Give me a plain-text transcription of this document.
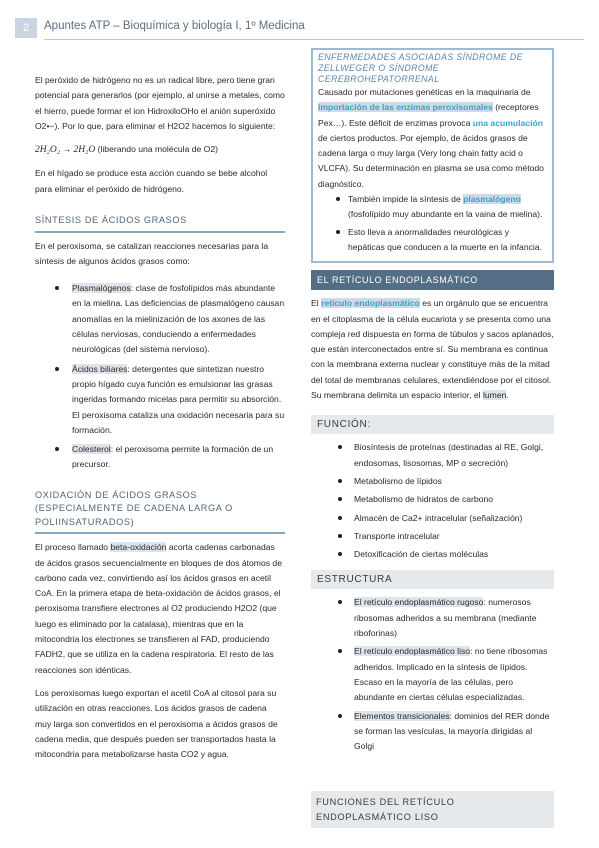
2	Apuntes ATP – Bioquímica y biología I, 1º Medicina

El peróxido de hidrógeno no es un radical libre, pero tiene gran potencial para generarlos (por ejemplo, al unirse a metales, como el hierro, puede formar el ion HidroxiloOHo el anión superóxido O2•−). Por lo que, para eliminar el H2O2 hacemos lo siguiente:

2H₂O₂ → 2H₂O (liberando una molécula de O2)

En el hígado se produce esta acción cuando se bebe alcohol para eliminar el peróxido de hidrógeno.

SÍNTESIS DE ÁCIDOS GRASOS

En el peroxisoma, se catalizan reacciones necesarias para la síntesis de algunos ácidos grasos como:

Plasmalógenos: clase de fosfolípidos más abundante en la mielina. Las deficiencias de plasmalógeno causan anomalías en la mielinización de los axones de las células nerviosas, conduciendo a enfermedades neurológicas (del sistema nervioso).
Ácidos biliares: detergentes que sintetizan nuestro propio hígado cuya función es emulsionar las grasas ingeridas formando micelas para permitir su absorción. El peroxisoma cataliza una oxidación necesaria para su formación.
Colesterol: el peroxisoma permite la formación de un precursor.
OXIDACIÓN DE ÁCIDOS GRASOS (ESPECIALMENTE DE CADENA LARGA O POLIINSATURADOS)

El proceso llamado beta-oxidación acorta cadenas carbonadas de ácidos grasos secuencialmente en bloques de dos átomos de carbono cada vez, convirtiendo así los ácidos grasos en acetil CoA. En la primera etapa de beta-oxidación de ácidos grasos, el peroxisoma transfiere electrones al O2 produciendo H2O2 (que luego es eliminado por la catalasa), mientras que en la mitocondria los electrones se transfieren al FAD, produciendo FADH2, que se utiliza en la cadena respiratoria. El resto de las reacciones son idénticas.

Los peroxisomas luego exportan el acetil CoA al citosol para su utilización en otras reacciones. Los ácidos grasos de cadena muy larga son convertidos en el peroxisoma a ácidos grasos de cadena media, que después pueden ser transportados hasta la mitocondria para metabolizarse hasta CO2 y agua.

ENFERMEDADES ASOCIADAS SÍNDROME DE ZELLWEGER O SÍNDROME CEREBROHEPATORRENAL

Causado por mutaciones genéticas en la maquinaria de importación de las enzimas peroxisomales (receptores Pex…). Este déficit de enzimas provoca una acumulación de ciertos productos. Por ejemplo, de ácidos grasos de cadena larga o muy larga (Very long chain fatty acid o VLCFA). Su determinación en plasma se usa como método diagnóstico.

También impide la síntesis de plasmalógeno (fosfolípido muy abundante en la vaina de mielina).
Esto lleva a anormalidades neurológicas y hepáticas que conducen a la muerte en la infancia.
EL RETÍCULO ENDOPLASMÁTICO

El retículo endoplasmático es un orgánulo que se encuentra en el citoplasma de la célula eucariota y se presenta como una compleja red dispuesta en forma de túbulos y sacos aplanados, que están interconectados entre sí. Su membrana es continua con la membrana externa nuclear y constituye más de la mitad del total de membranas celulares, extendiéndose por el citosol. Su membrana delimita un espacio interior, el lumen.

FUNCIÓN:
Biosíntesis de proteínas (destinadas al RE, Golgi, endosomas, lisosomas, MP o secreción)
Metabolismo de lípidos
Metabolismo de hidratos de carbono
Almacén de Ca2+ intracelular (señalización)
Transporte intracelular
Detoxificación de ciertas moléculas
ESTRUCTURA
El retículo endoplasmático rugoso: numerosos ribosomas adheridos a su membrana (mediante riboforinas)
El retículo endoplasmático liso: no tiene ribosomas adheridos. Implicado en la síntesis de lípidos. Escaso en la mayoría de las células, pero abundante en ciertas células especializadas.
Elementos transicionales: dominios del RER donde se forman las vesículas, la mayoría dirigidas al Golgi
FUNCIONES DEL RETÍCULO ENDOPLASMÁTICO LISO
